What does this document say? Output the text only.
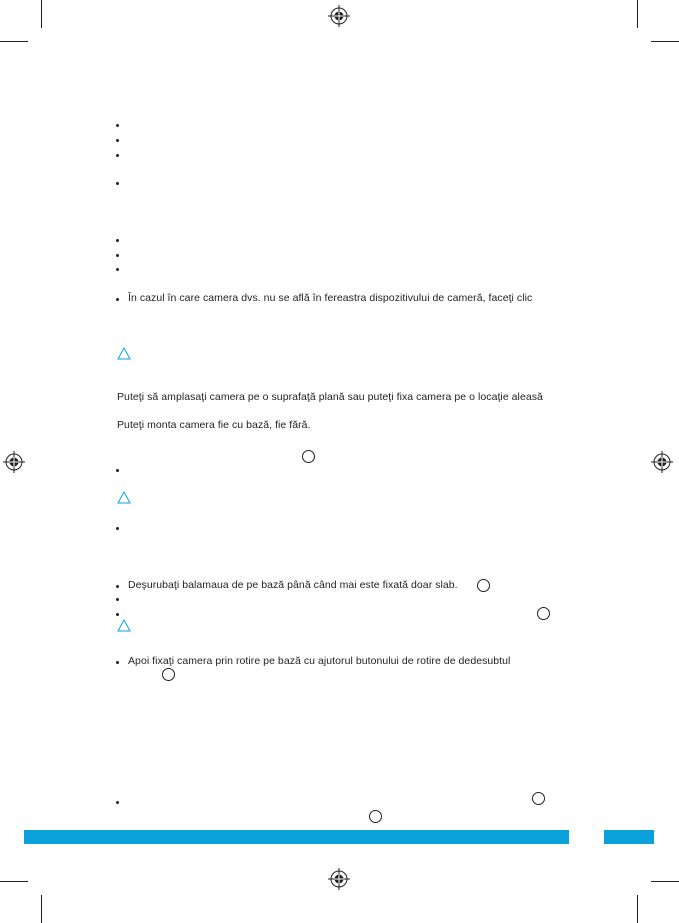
În cazul în care camera dvs. nu se află în fereastra dispozitivului de cameră, faceţi clic
Puteţi să amplasaţi camera pe o suprafaţă plană sau puteţi fixa camera pe o locaţie aleasă
Puteţi monta camera fie cu bază, fie fără.
Deşurubaţi balamaua de pe bază până când mai este fixată doar slab.
Apoi fixaţi camera prin rotire pe bază cu ajutorul butonului de rotire de dedesubtul
